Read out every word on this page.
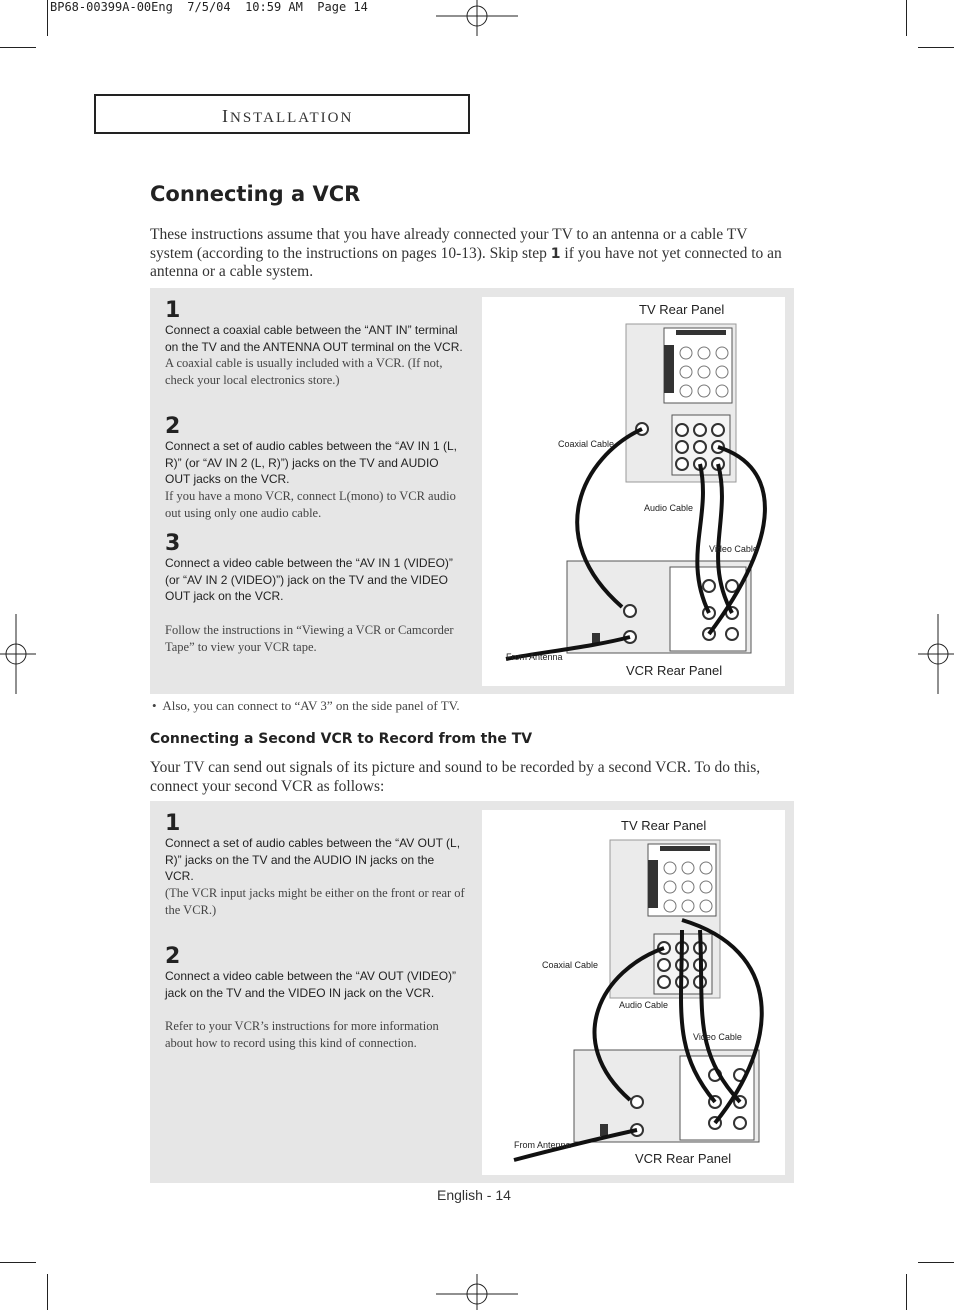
BP68-00399A-00Eng  7/5/04  10:59 AM  Page 14
INSTALLATION
Connecting a VCR
These instructions assume that you have already connected your TV to an antenna or a cable TV system (according to the instructions on pages 10-13). Skip step 1 if you have not yet connected to an antenna or a cable system.
1
Connect a coaxial cable between the “ANT IN” terminal on the TV and the ANTENNA OUT terminal on the VCR.
A coaxial cable is usually included with a VCR. (If not, check your local electronics store.)
2
Connect a set of audio cables between the “AV IN 1 (L, R)” (or “AV IN 2 (L, R)”) jacks on the TV and AUDIO OUT jacks on the VCR.
If you have a mono VCR, connect L(mono) to VCR audio out using only one audio cable.
3
Connect a video cable between the “AV IN 1 (VIDEO)” (or “AV IN 2 (VIDEO)”) jack on the TV and the VIDEO OUT jack on the VCR.
Follow the instructions in “Viewing a VCR or Camcorder Tape” to view your VCR tape.
TV Rear Panel
Coaxial Cable
Audio Cable
Video Cable
From Antenna
VCR Rear Panel
•  Also, you can connect to “AV 3” on the side panel of TV.
Connecting a Second VCR to Record from the TV
Your TV can send out signals of its picture and sound to be recorded by a second VCR. To do this, connect your second VCR as follows:
1
Connect a set of audio cables between the “AV OUT (L, R)” jacks on the TV and the AUDIO IN jacks on the VCR.
(The VCR input jacks might be either on the front or rear of the VCR.)
2
Connect a video cable between the “AV OUT (VIDEO)” jack on the TV and the VIDEO IN jack on the VCR.
Refer to your VCR’s instructions for more information about how to record using this kind of connection.
TV Rear Panel
Coaxial Cable
Audio Cable
Video Cable
From Antenna
VCR Rear Panel
English - 14
